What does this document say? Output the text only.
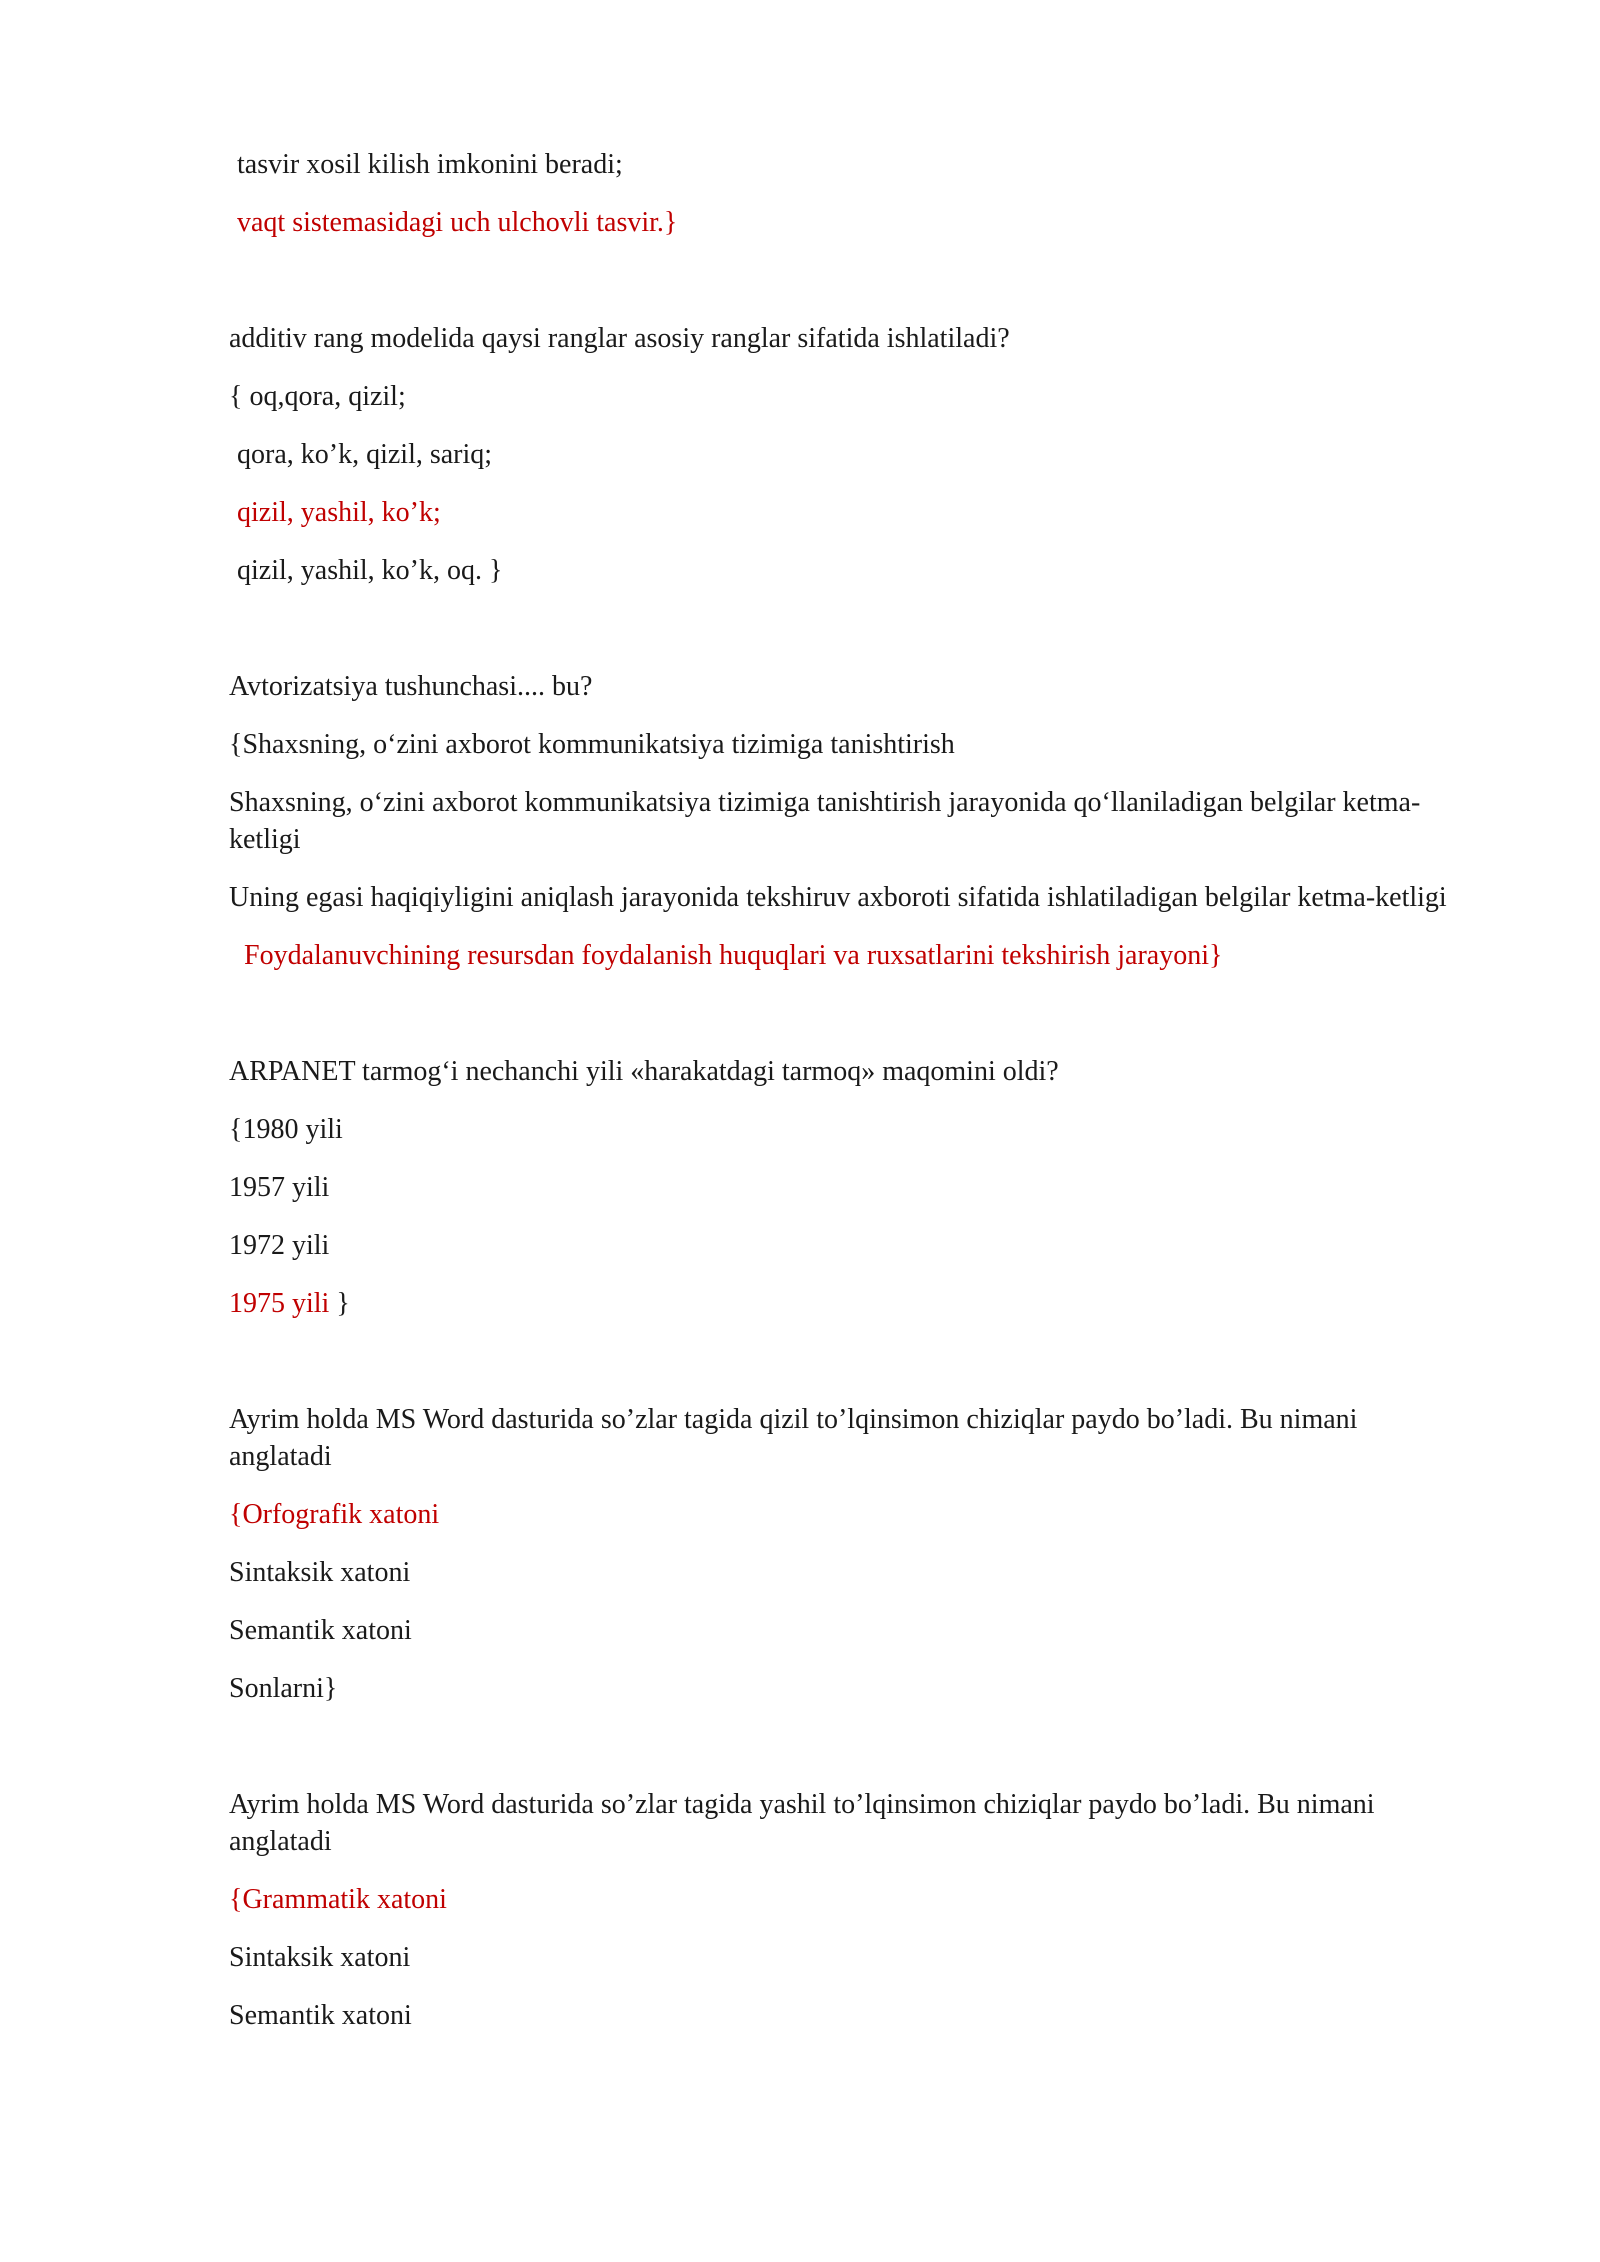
tasvir xosil kilish imkonini beradi;

vaqt sistemasidagi uch ulchovli tasvir.}

additiv rang modelida qaysi ranglar asosiy ranglar sifatida ishlatiladi?

{ oq,qora, qizil;

qora, ko’k, qizil, sariq;

qizil, yashil, ko’k;

qizil, yashil, ko’k, oq. }

Avtorizatsiya tushunchasi.... bu?

{Shaxsning, o‘zini axborot kommunikatsiya tizimiga tanishtirish

Shaxsning, o‘zini axborot kommunikatsiya tizimiga tanishtirish jarayonida qo‘llaniladigan belgilar ketma-ketligi

Uning egasi haqiqiyligini aniqlash jarayonida tekshiruv axboroti sifatida ishlatiladigan belgilar ketma-ketligi

Foydalanuvchining resursdan foydalanish huquqlari va ruxsatlarini tekshirish jarayoni}

ARPANET tarmog‘i nechanchi yili «harakatdagi tarmoq» maqomini oldi?

{1980 yili

1957 yili

1972 yili

1975 yili }

Ayrim holda MS Word dasturida so’zlar tagida qizil to’lqinsimon chiziqlar paydo bo’ladi. Bu nimani anglatadi

{Orfografik xatoni

Sintaksik xatoni

Semantik xatoni

Sonlarni}

Ayrim holda MS Word dasturida so’zlar tagida yashil to’lqinsimon chiziqlar paydo bo’ladi. Bu nimani anglatadi

{Grammatik xatoni

Sintaksik xatoni

Semantik xatoni
